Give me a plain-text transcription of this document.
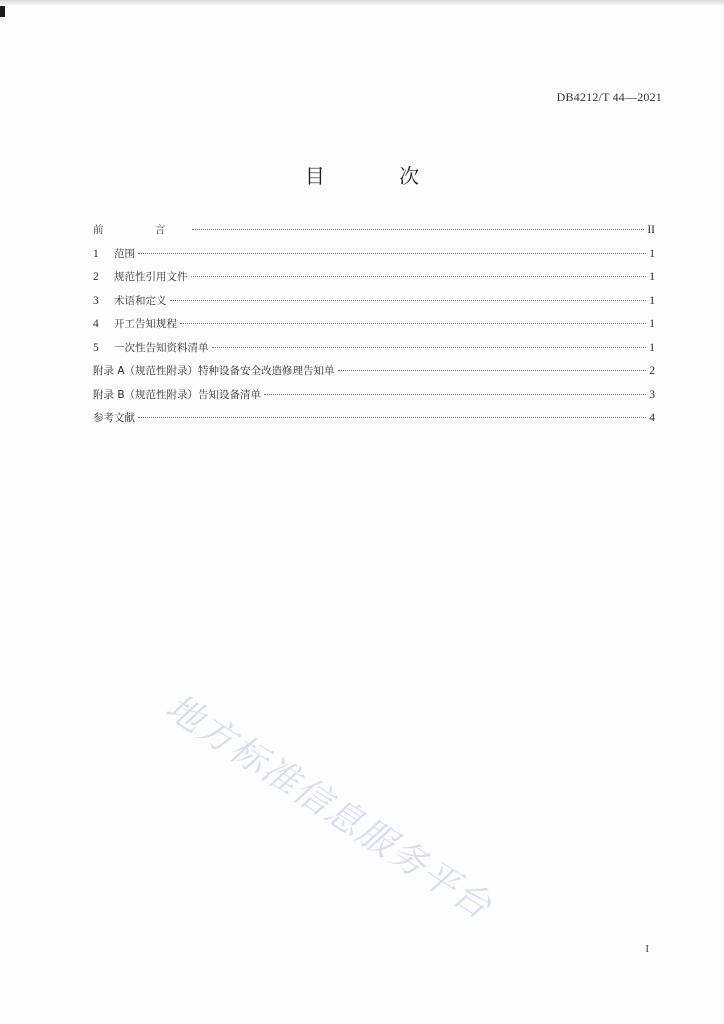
DB4212/T 44—2021
目 次
前 言	II
1	范围	1
2	规范性引用文件	1
3	术语和定义	1
4	开工告知规程	1
5	一次性告知资料清单	1
附录 A（规范性附录）特种设备安全改造修理告知单	2
附录 B（规范性附录）告知设备清单	3
参考文献	4
地方标准信息服务平台
I
